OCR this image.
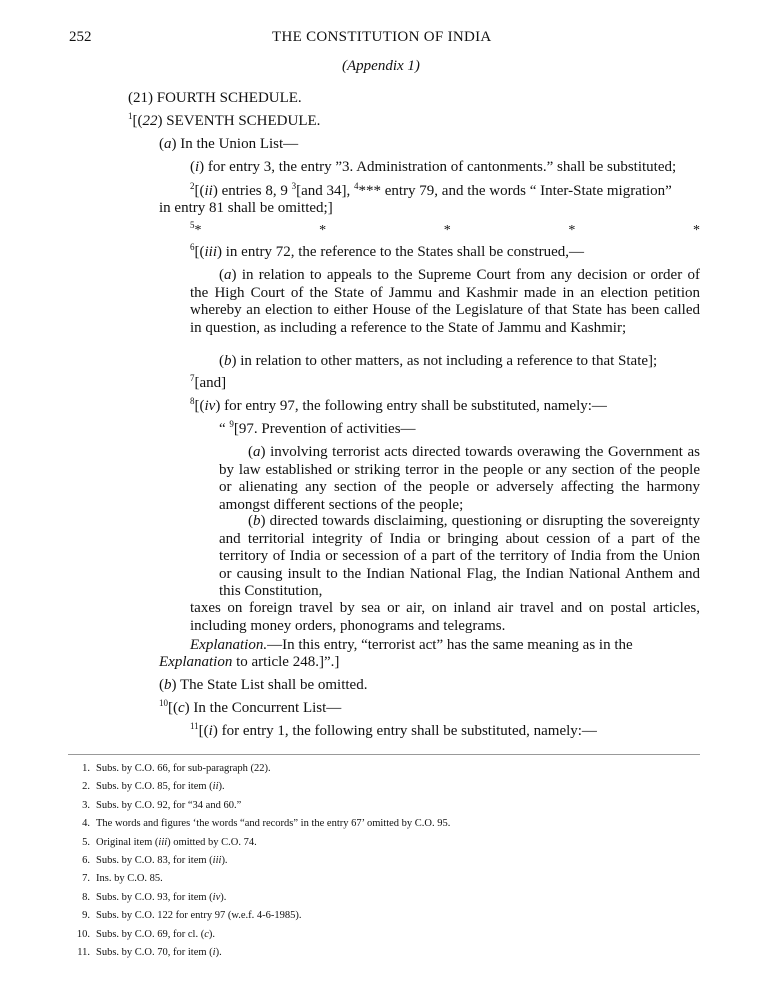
252	THE CONSTITUTION OF INDIA
(Appendix 1)
(21) FOURTH SCHEDULE.
$^1$[(22) SEVENTH SCHEDULE.
(a) In the Union List—
(i) for entry 3, the entry ”3. Administration of cantonments.” shall be substituted;
$^2$[(ii) entries 8, 9 $^3$[and 34], $^4$*** entry 79, and the words “ Inter-State migration”
in entry 81 shall be omitted;]
$^5$*	*	*	*	*
$^6$[(iii) in entry 72, the reference to the States shall be construed,—
(a) in relation to appeals to the Supreme Court from any decision or order of the High Court of the State of Jammu and Kashmir made in an election petition whereby an election to either House of the Legislature of that State has been called in question, as including a reference to the State of Jammu and Kashmir;
(b) in relation to other matters, as not including a reference to that State];
$^7$[and]
$^8$[(iv) for entry 97, the following entry shall be substituted, namely:—
“ $^9$[97. Prevention of activities—
(a) involving terrorist acts directed towards overawing the Government as by law established or striking terror in the people or any section of the people or alienating any section of the people or adversely affecting the harmony amongst different sections of the people;
(b) directed towards disclaiming, questioning or disrupting the sovereignty and territorial integrity of India or bringing about cession of a part of the territory of India or secession of a part of the territory of India from the Union or causing insult to the Indian National Flag, the Indian National Anthem and this Constitution,
taxes on foreign travel by sea or air, on inland air travel and on postal articles, including money orders, phonograms and telegrams.
Explanation.—In this entry, “terrorist act” has the same meaning as in the
Explanation to article 248.]”.]
(b) The State List shall be omitted.
$^{10}$[(c) In the Concurrent List—
$^{11}$[(i) for entry 1, the following entry shall be substituted, namely:—
1. Subs. by C.O. 66, for sub-paragraph (22).
2. Subs. by C.O. 85, for item (ii).
3. Subs. by C.O. 92, for “34 and 60.”
4. The words and figures ‘the words “and records” in the entry 67’ omitted by C.O. 95.
5. Original item (iii) omitted by C.O. 74.
6. Subs. by C.O. 83, for item (iii).
7. Ins. by C.O. 85.
8. Subs. by C.O. 93, for item (iv).
9. Subs. by C.O. 122 for entry 97 (w.e.f. 4-6-1985).
10. Subs. by C.O. 69, for cl. (c).
11. Subs. by C.O. 70, for item (i).
